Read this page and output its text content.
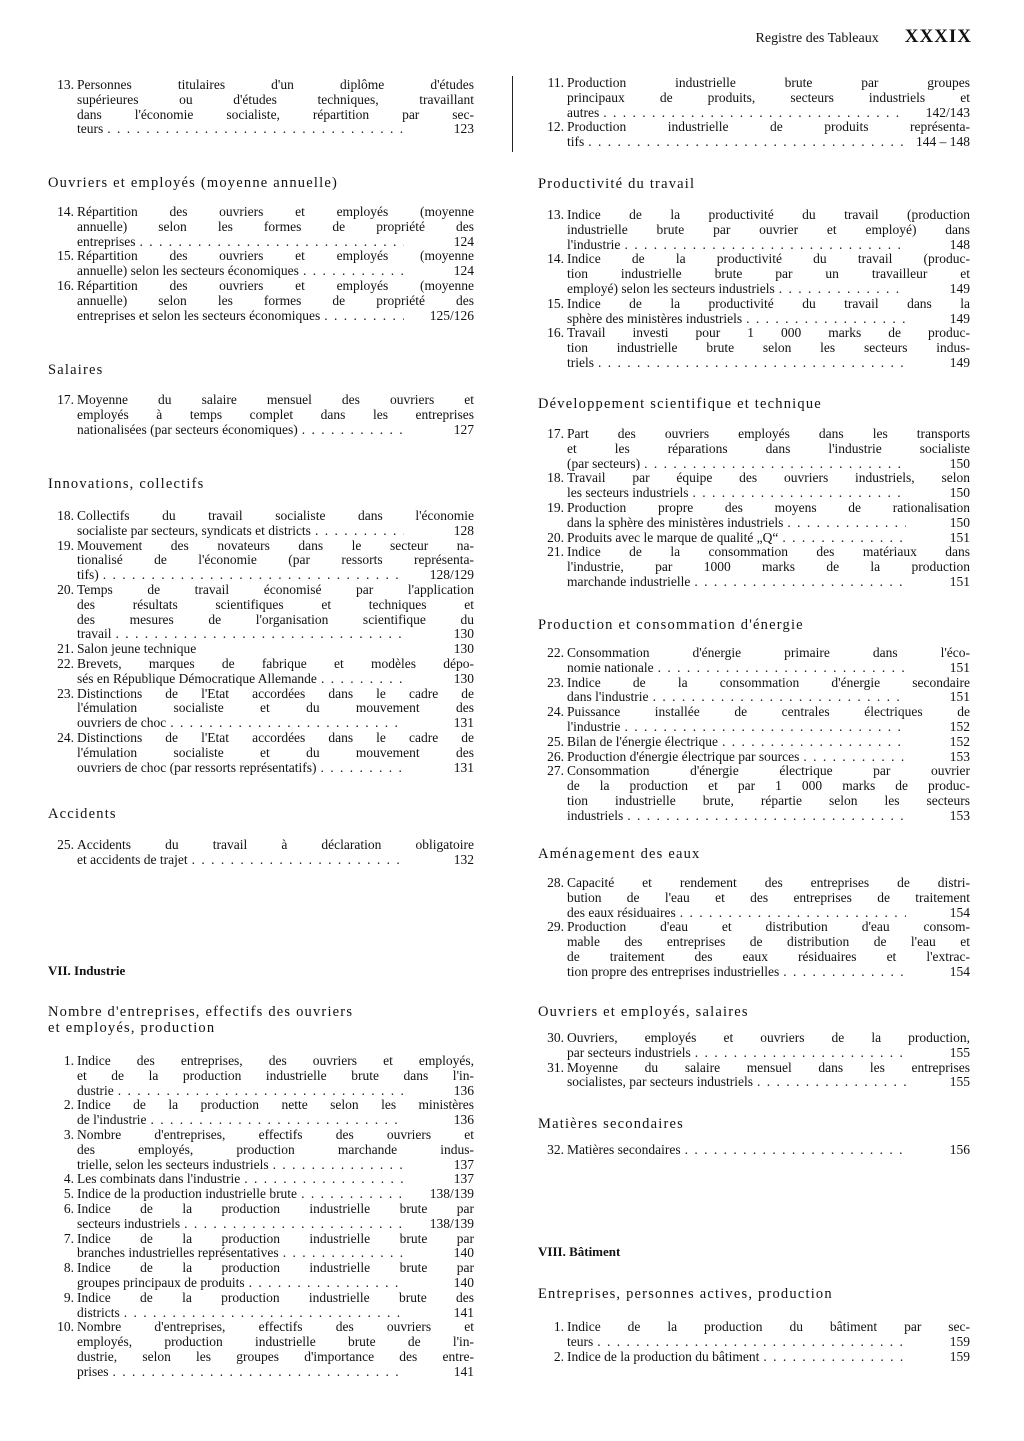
Registre des Tableaux XXXIX
13. Personnes titulaires d'un diplôme d'études
supérieures ou d'études techniques, travaillant
dans l'économie socialiste, répartition par sec-
teurs . . .	123
Ouvriers et employés (moyenne annuelle)
14. Répartition des ouvriers et employés (moyenne
annuelle) selon les formes de propriété des
entreprises . . .	124
15. Répartition des ouvriers et employés (moyenne
annuelle) selon les secteurs économiques . . .	124
16. Répartition des ouvriers et employés (moyenne
annuelle) selon les formes de propriété des
entreprises et selon les secteurs économiques . . .	125/126
Salaires
17. Moyenne du salaire mensuel des ouvriers et
employés à temps complet dans les entreprises
nationalisées (par secteurs économiques) . . .	127
Innovations, collectifs
18. Collectifs du travail socialiste dans l'économie
socialiste par secteurs, syndicats et districts . . .	128
19. Mouvement des novateurs dans le secteur na-
tionalisé de l'économie (par ressorts représenta-
tifs) . . .	128/129
20. Temps de travail économisé par l'application
des résultats scientifiques et techniques et
des mesures de l'organisation scientifique du
travail . . .	130
21. Salon jeune technique	130
22. Brevets, marques de fabrique et modèles dépo-
sés en République Démocratique Allemande . . .	130
23. Distinctions de l'Etat accordées dans le cadre de
l'émulation socialiste et du mouvement des
ouvriers de choc . . .	131
24. Distinctions de l'Etat accordées dans le cadre de
l'émulation socialiste et du mouvement des
ouvriers de choc (par ressorts représentatifs) . . .	131
Accidents
25. Accidents du travail à déclaration obligatoire
et accidents de trajet . . .	132
VII. Industrie
Nombre d'entreprises, effectifs des ouvriers
et employés, production
1. Indice des entreprises, des ouvriers et employés,
et de la production industrielle brute dans l'in-
dustrie . . .	136
2. Indice de la production nette selon les ministères
de l'industrie . . .	136
3. Nombre d'entreprises, effectifs des ouvriers et
des employés, production marchande indus-
trielle, selon les secteurs industriels . . .	137
4. Les combinats dans l'industrie . . .	137
5. Indice de la production industrielle brute . . .	138/139
6. Indice de la production industrielle brute par
secteurs industriels . . .	138/139
7. Indice de la production industrielle brute par
branches industrielles représentatives . . .	140
8. Indice de la production industrielle brute par
groupes principaux de produits . . .	140
9. Indice de la production industrielle brute des
districts . . .	141
10. Nombre d'entreprises, effectifs des ouvriers et
employés, production industrielle brute de l'in-
dustrie, selon les groupes d'importance des entre-
prises . . .	141
11. Production industrielle brute par groupes
principaux de produits, secteurs industriels et
autres . . .	142/143
12. Production industrielle de produits représenta-
tifs . . .	144 – 148
Productivité du travail
13. Indice de la productivité du travail (production
industrielle brute par ouvrier et employé) dans
l'industrie . . .	148
14. Indice de la productivité du travail (produc-
tion industrielle brute par un travailleur et
employé) selon les secteurs industriels . . .	149
15. Indice de la productivité du travail dans la
sphère des ministères industriels . . .	149
16. Travail investi pour 1 000 marks de produc-
tion industrielle brute selon les secteurs indus-
triels . . .	149
Développement scientifique et technique
17. Part des ouvriers employés dans les transports
et les réparations dans l'industrie socialiste
(par secteurs) . . .	150
18. Travail par équipe des ouvriers industriels, selon
les secteurs industriels . . .	150
19. Production propre des moyens de rationalisation
dans la sphère des ministères industriels . . .	150
20. Produits avec le marque de qualité „Q“ . . .	151
21. Indice de la consommation des matériaux dans
l'industrie, par 1000 marks de la production
marchande industrielle . . .	151
Production et consommation d'énergie
22. Consommation d'énergie primaire dans l'éco-
nomie nationale . . .	151
23. Indice de la consommation d'énergie secondaire
dans l'industrie . . .	151
24. Puissance installée de centrales électriques de
l'industrie . . .	152
25. Bilan de l'énergie électrique . . .	152
26. Production d'énergie électrique par sources . . .	153
27. Consommation d'énergie électrique par ouvrier
de la production et par 1 000 marks de produc-
tion industrielle brute, répartie selon les secteurs
industriels . . .	153
Aménagement des eaux
28. Capacité et rendement des entreprises de distri-
bution de l'eau et des entreprises de traitement
des eaux résiduaires . . .	154
29. Production d'eau et distribution d'eau consom-
mable des entreprises de distribution de l'eau et
de traitement des eaux résiduaires et l'extrac-
tion propre des entreprises industrielles . . .	154
Ouvriers et employés, salaires
30. Ouvriers, employés et ouvriers de la production,
par secteurs industriels . . .	155
31. Moyenne du salaire mensuel dans les entreprises
socialistes, par secteurs industriels . . .	155
Matières secondaires
32. Matières secondaires . . .	156
VIII. Bâtiment
Entreprises, personnes actives, production
1. Indice de la production du bâtiment par sec-
teurs . . .	159
2. Indice de la production du bâtiment . . .	159
